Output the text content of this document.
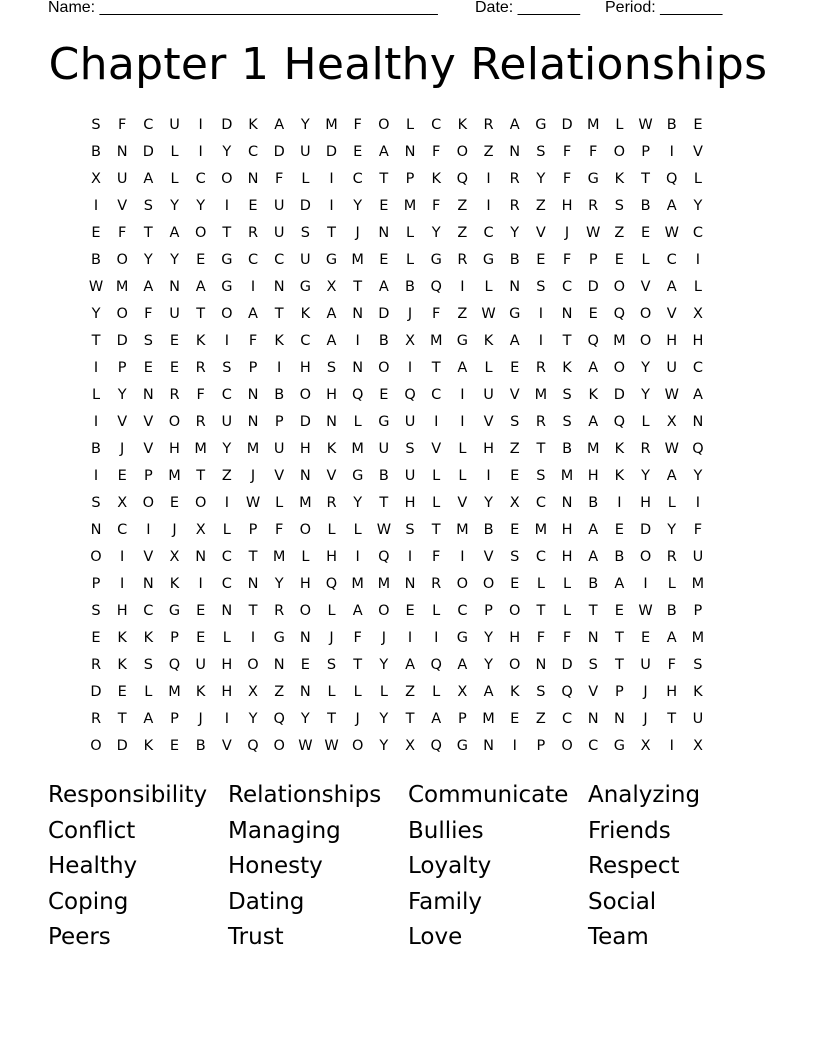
Name: ______________________________________ Date: _______ Period: _______
Chapter 1 Healthy Relationships
S	F	C	U	I	D	K	A	Y	M	F	O	L	C	K	R	A	G	D M	L	W B	E
B	N	D	L	I	Y	C	D	U	D	E	A	N	F	O	Z	N	S	F	F	O	P	I	V
X	U	A	L	C	O	N	F	L	I	C	T	P	K	Q	I	R	Y	F	G	K	T	Q	L
I	V	S	Y	Y	I	E	U	D	I	Y	E	M	F	Z	I	R	Z	H	R	S	B	A	Y
E	F	T	A	O	T	R	U	S	T	J	N	L	Y	Z	C	Y	V	J	W Z	E W C
B	O	Y	Y	E	G	C	C	U	G M	E	L	G	R	G	B	E	F	P	E	L	C	I
W M	A	N	A	G	I	N	G	X	T	A	B	Q	I	L	N	S	C	D	O	V	A	L
Y	O	F	U	T	O	A	T	K	A	N	D	J	F	Z W G	I	N	E	Q	O	V	X
T	D	S	E	K	I	F	K	C	A	I	B	X	M G	K	A	I	T	Q M O	H	H
I	P	E	E	R	S	P	I	H	S	N	O	I	T	A	L	E	R	K	A	O	Y	U	C
L	Y	N	R	F	C	N	B	O	H	Q	E	Q	C	I	U	V	M	S	K	D	Y	W A
I	V	V	O	R	U	N	P	D	N	L	G	U	I	I	V	S	R	S	A	Q	L	X	N
B	J	V	H M	Y	M	U	H	K	M	U	S	V	L	H	Z	T	B	M	K	R W Q
I	E	P	M	T	Z	J	V	N	V	G	B	U	L	L	I	E	S	M H	K	Y	A	Y
S	X	O	E	O	I	W	L	M	R	Y	T	H	L	V	Y	X	C	N	B	I	H	L	I
N	C	I	J	X	L	P	F	O	L	L	W S	T	M	B	E	M H	A	E	D	Y	F
O	I	V	X	N	C	T	M	L	H	I	Q	I	F	I	V	S	C	H	A	B	O	R	U
P	I	N	K	I	C	N	Y	H	Q M M N	R	O	O	E	L	L	B	A	I	L	M
S	H	C	G	E	N	T	R	O	L	A	O	E	L	C	P	O	T	L	T	E W B	P
E	K	K	P	E	L	I	G	N	J	F	J	I	I	G	Y	H	F	F	N	T	E	A	M
R	K	S	Q	U	H	O	N	E	S	T	Y	A	Q	A	Y	O	N	D	S	T	U	F	S
D	E	L	M	K	H	X	Z	N	L	L	L	Z	L	X	A	K	S	Q	V	P	J	H	K
R	T	A	P	J	I	Y	Q	Y	T	J	Y	T	A	P	M	E	Z	C	N	N	J	T	U
O	D	K	E	B	V	Q	O W W O	Y	X	Q	G	N	I	P	O	C	G	X	I	X
Responsibility Relationships Communicate Analyzing
Conflict	Managing	Bullies	Friends
Healthy	Honesty	Loyalty	Respect
Coping	Dating	Family	Social
Peers	Trust	Love	Team
